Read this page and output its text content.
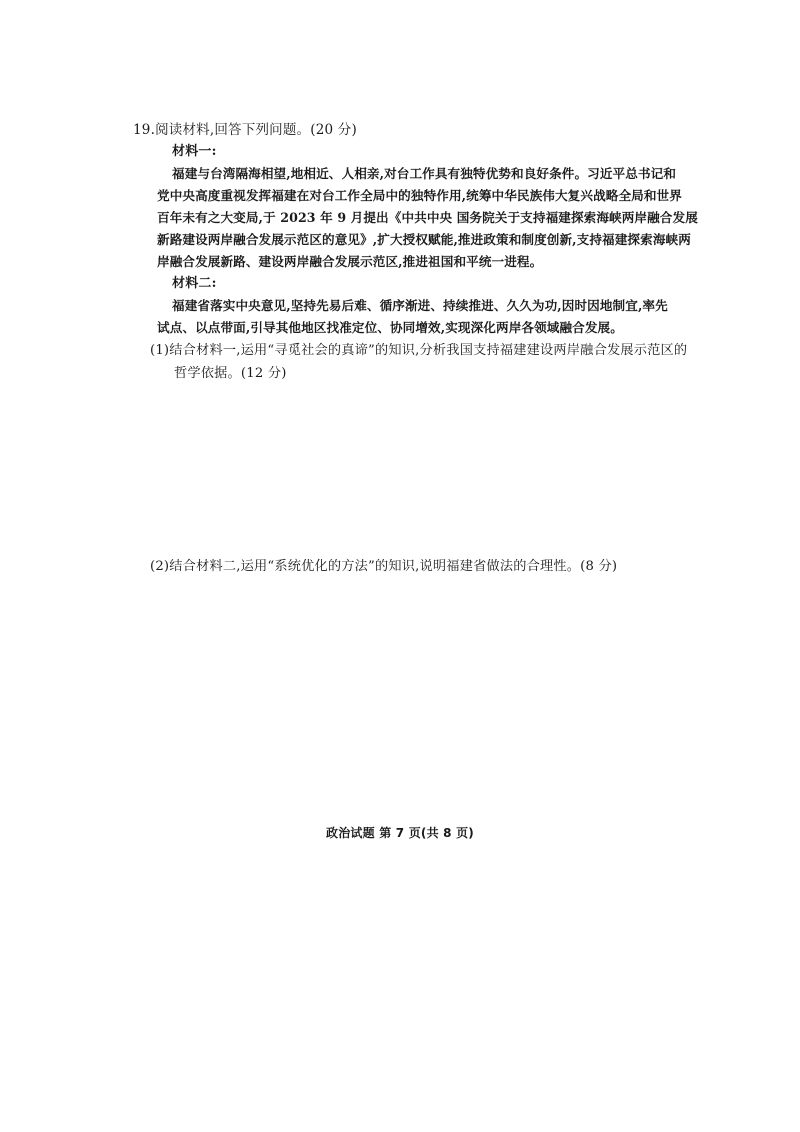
19.阅读材料,回答下列问题。(20 分)
材料一:
福建与台湾隔海相望,地相近、人相亲,对台工作具有独特优势和良好条件。习近平总书记和
党中央高度重视发挥福建在对台工作全局中的独特作用,统筹中华民族伟大复兴战略全局和世界
百年未有之大变局,于 2023 年 9 月提出《中共中央 国务院关于支持福建探索海峡两岸融合发展
新路建设两岸融合发展示范区的意见》,扩大授权赋能,推进政策和制度创新,支持福建探索海峡两
岸融合发展新路、建设两岸融合发展示范区,推进祖国和平统一进程。
材料二:
福建省落实中央意见,坚持先易后难、循序渐进、持续推进、久久为功,因时因地制宜,率先
试点、以点带面,引导其他地区找准定位、协同增效,实现深化两岸各领域融合发展。
(1)结合材料一,运用“寻觅社会的真谛”的知识,分析我国支持福建建设两岸融合发展示范区的
哲学依据。(12 分)
(2)结合材料二,运用“系统优化的方法”的知识,说明福建省做法的合理性。(8 分)
政治试题 第 7 页(共 8 页)
